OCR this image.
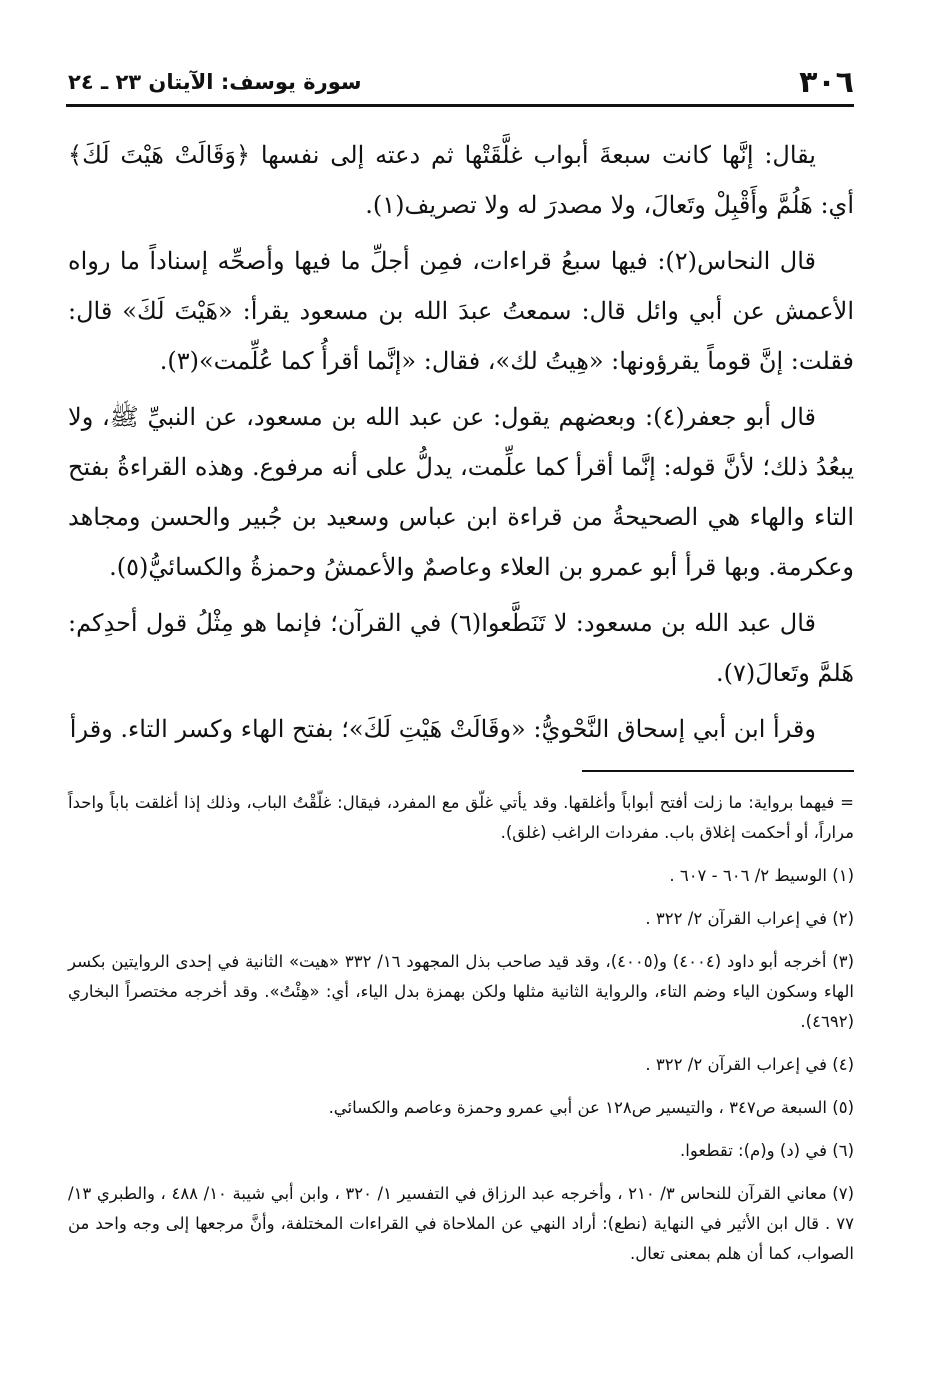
٣٠٦
سورة يوسف: الآيتان ٢٣ ـ ٢٤

يقال: إنَّها كانت سبعةَ أبواب غلَّقَتْها ثم دعته إلى نفسها ﴿وَقَالَتْ هَيْتَ لَكَ﴾ أي: هَلُمَّ وأَقْبِلْ وتَعالَ، ولا مصدرَ له ولا تصريف(١).

قال النحاس(٢): فيها سبعُ قراءات، فمِن أجلِّ ما فيها وأصحِّه إسناداً ما رواه الأعمش عن أبي وائل قال: سمعتُ عبدَ الله بن مسعود يقرأ: «هَيْتَ لَكَ» قال: فقلت: إنَّ قوماً يقرؤونها: «هِيتُ لك»، فقال: «إنَّما أقرأُ كما عُلِّمت»(٣).

قال أبو جعفر(٤): وبعضهم يقول: عن عبد الله بن مسعود، عن النبيِّ ﷺ، ولا يبعُدُ ذلك؛ لأنَّ قوله: إنَّما أقرأ كما علِّمت، يدلُّ على أنه مرفوع. وهذه القراءةُ بفتح التاء والهاء هي الصحيحةُ من قراءة ابن عباس وسعيد بن جُبير والحسن ومجاهد وعكرمة. وبها قرأ أبو عمرو بن العلاء وعاصمٌ والأعمشُ وحمزةُ والكسائيُّ(٥).

قال عبد الله بن مسعود: لا تَنَطَّعوا(٦) في القرآن؛ فإنما هو مِثْلُ قول أحدِكم: هَلمَّ وتَعالَ(٧).

وقرأ ابن أبي إسحاق النَّحْويُّ: «وقَالَتْ هَيْتِ لَكَ»؛ بفتح الهاء وكسر التاء. وقرأ

= فيهما برواية: ما زلت أفتح أبواباً وأغلقها. وقد يأتي غلّق مع المفرد، فيقال: غلّقْتُ الباب، وذلك إذا أغلقت باباً واحداً مراراً، أو أحكمت إغلاق باب. مفردات الراغب (غلق).

(١) الوسيط ٢/ ٦٠٦ - ٦٠٧ .

(٢) في إعراب القرآن ٢/ ٣٢٢ .

(٣) أخرجه أبو داود (٤٠٠٤) و(٤٠٠٥)، وقد قيد صاحب بذل المجهود ١٦/ ٣٣٢ «هيت» الثانية في إحدى الروايتين بكسر الهاء وسكون الياء وضم التاء، والرواية الثانية مثلها ولكن بهمزة بدل الياء، أي: «هِئْتُ». وقد أخرجه مختصراً البخاري (٤٦٩٢).

(٤) في إعراب القرآن ٢/ ٣٢٢ .

(٥) السبعة ص٣٤٧ ، والتيسير ص١٢٨ عن أبي عمرو وحمزة وعاصم والكسائي.

(٦) في (د) و(م): تقطعوا.

(٧) معاني القرآن للنحاس ٣/ ٢١٠ ، وأخرجه عبد الرزاق في التفسير ١/ ٣٢٠ ، وابن أبي شيبة ١٠/ ٤٨٨ ، والطبري ١٣/ ٧٧ . قال ابن الأثير في النهاية (نطع): أراد النهي عن الملاحاة في القراءات المختلفة، وأنَّ مرجعها إلى وجه واحد من الصواب، كما أن هلم بمعنى تعال.
